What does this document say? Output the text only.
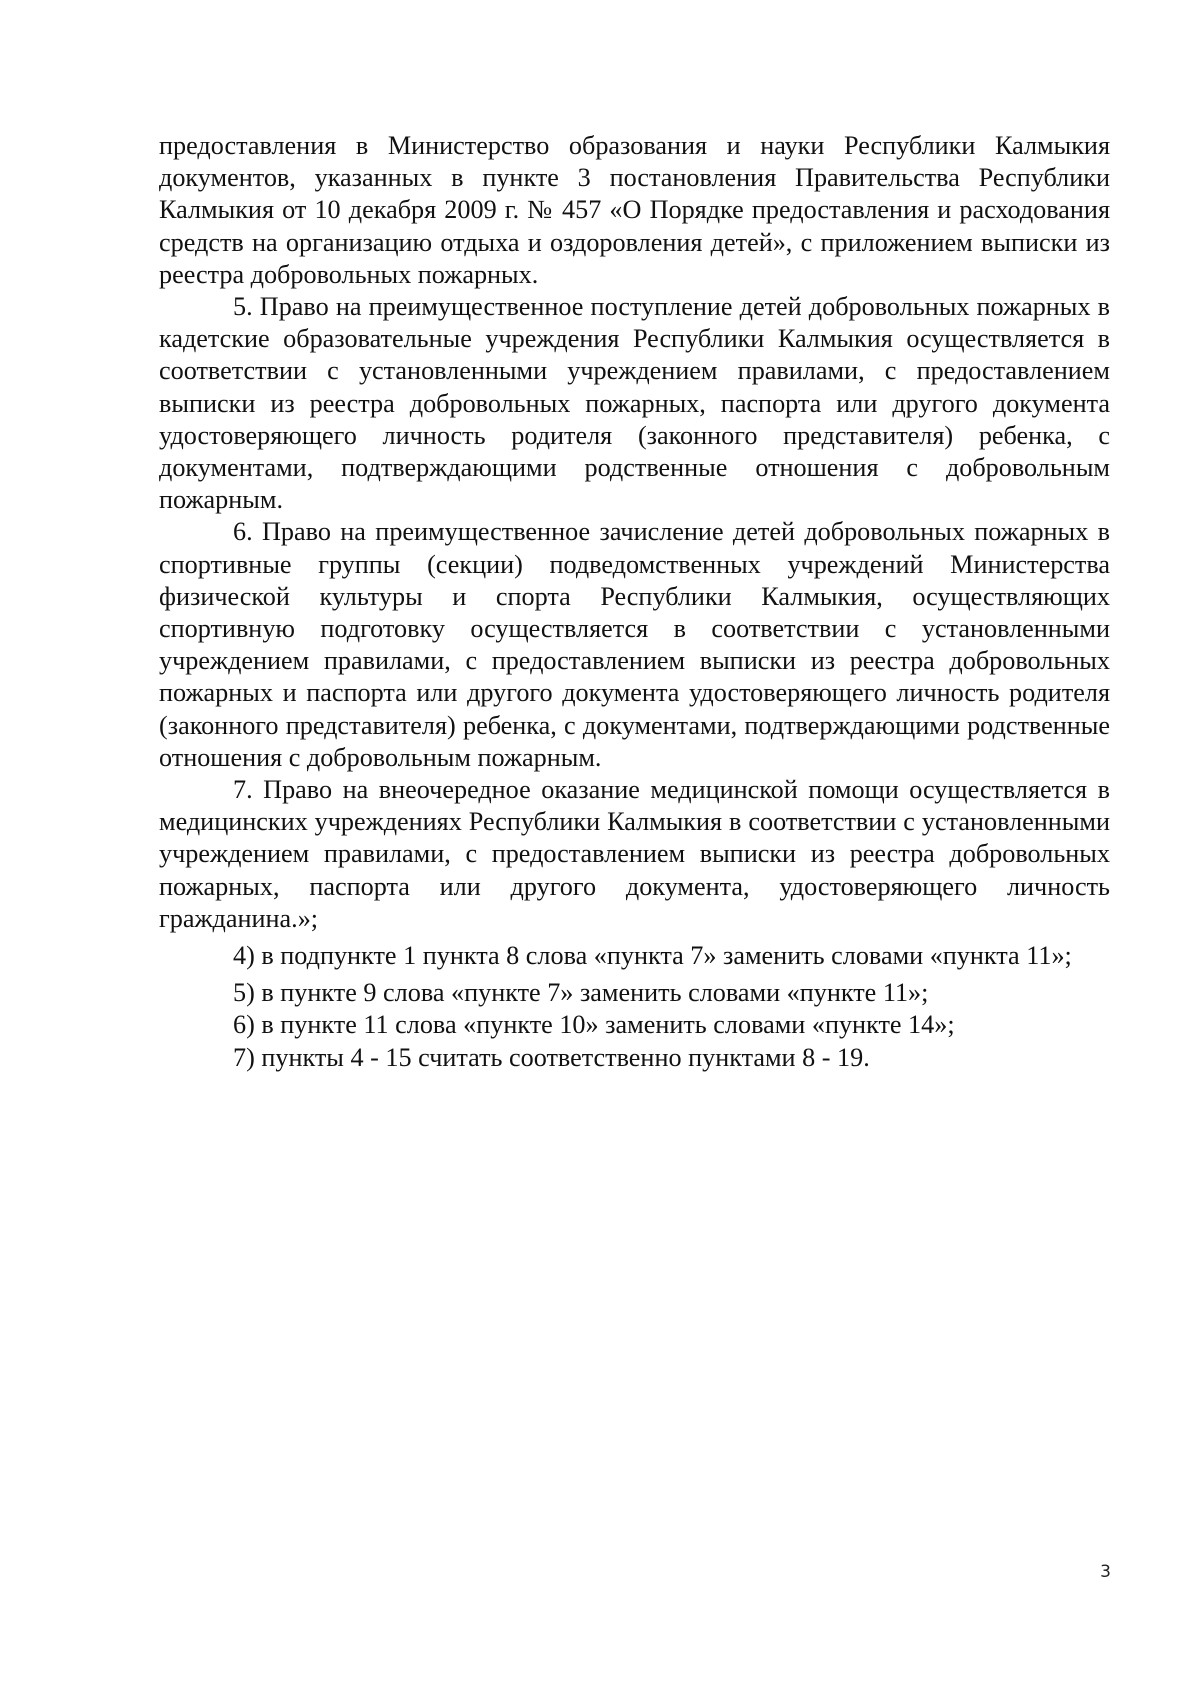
предоставления в Министерство образования и науки Республики Калмыкия документов, указанных в пункте 3 постановления Правительства Республики Калмыкия от 10 декабря 2009 г. № 457 «О Порядке предоставления и расходования средств на организацию отдыха и оздоровления детей», с приложением выписки из реестра добровольных пожарных.

5. Право на преимущественное поступление детей добровольных пожарных в кадетские образовательные учреждения Республики Калмыкия осуществляется в соответствии с установленными учреждением правилами, с предоставлением выписки из реестра добровольных пожарных, паспорта или другого документа удостоверяющего личность родителя (законного представителя) ребенка, с документами, подтверждающими родственные отношения с добровольным пожарным.

6. Право на преимущественное зачисление детей добровольных пожарных в спортивные группы (секции) подведомственных учреждений Министерства физической культуры и спорта Республики Калмыкия, осуществляющих спортивную подготовку осуществляется в соответствии с установленными учреждением правилами, с предоставлением выписки из реестра добровольных пожарных и паспорта или другого документа удостоверяющего личность родителя (законного представителя) ребенка, с документами, подтверждающими родственные отношения с добровольным пожарным.

7. Право на внеочередное оказание медицинской помощи осуществляется в медицинских учреждениях Республики Калмыкия в соответствии с установленными учреждением правилами, с предоставлением выписки из реестра добровольных пожарных, паспорта или другого документа, удостоверяющего личность гражданина.»;

4) в подпункте 1 пункта 8 слова «пункта 7» заменить словами «пункта 11»;

5) в пункте 9 слова «пункте 7» заменить словами «пункте 11»;

6) в пункте 11 слова «пункте 10» заменить словами «пункте 14»;

7) пункты 4 - 15 считать соответственно пунктами 8 - 19.

3
